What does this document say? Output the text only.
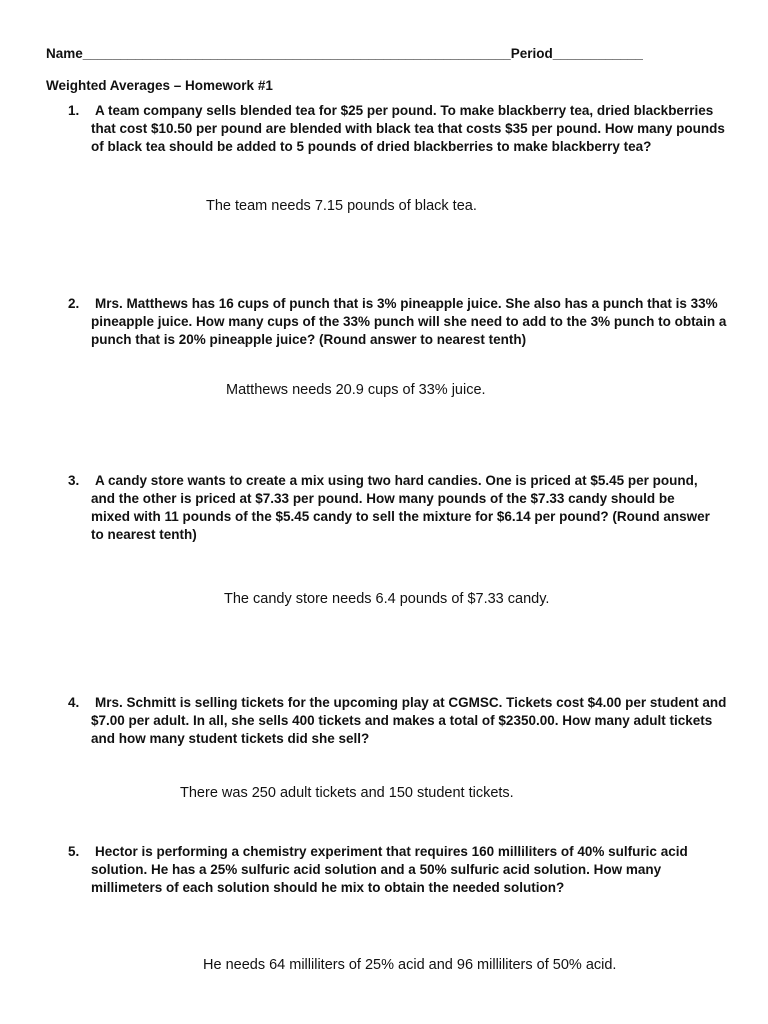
Name_________________________________________________________Period____________
Weighted Averages – Homework #1
1. A team company sells blended tea for $25 per pound. To make blackberry tea, dried blackberries that cost $10.50 per pound are blended with black tea that costs $35 per pound. How many pounds of black tea should be added to 5 pounds of dried blackberries to make blackberry tea?
The team needs 7.15 pounds of black tea.
2. Mrs. Matthews has 16 cups of punch that is 3% pineapple juice. She also has a punch that is 33% pineapple juice. How many cups of the 33% punch will she need to add to the 3% punch to obtain a punch that is 20% pineapple juice? (Round answer to nearest tenth)
Matthews needs 20.9 cups of 33% juice.
3. A candy store wants to create a mix using two hard candies. One is priced at $5.45 per pound, and the other is priced at $7.33 per pound. How many pounds of the $7.33 candy should be mixed with 11 pounds of the $5.45 candy to sell the mixture for $6.14 per pound? (Round answer to nearest tenth)
The candy store needs 6.4 pounds of $7.33 candy.
4. Mrs. Schmitt is selling tickets for the upcoming play at CGMSC. Tickets cost $4.00 per student and $7.00 per adult. In all, she sells 400 tickets and makes a total of $2350.00. How many adult tickets and how many student tickets did she sell?
There was 250 adult tickets and 150 student tickets.
5. Hector is performing a chemistry experiment that requires 160 milliliters of 40% sulfuric acid solution. He has a 25% sulfuric acid solution and a 50% sulfuric acid solution. How many millimeters of each solution should he mix to obtain the needed solution?
He needs 64 milliliters of 25% acid and 96 milliliters of 50% acid.
